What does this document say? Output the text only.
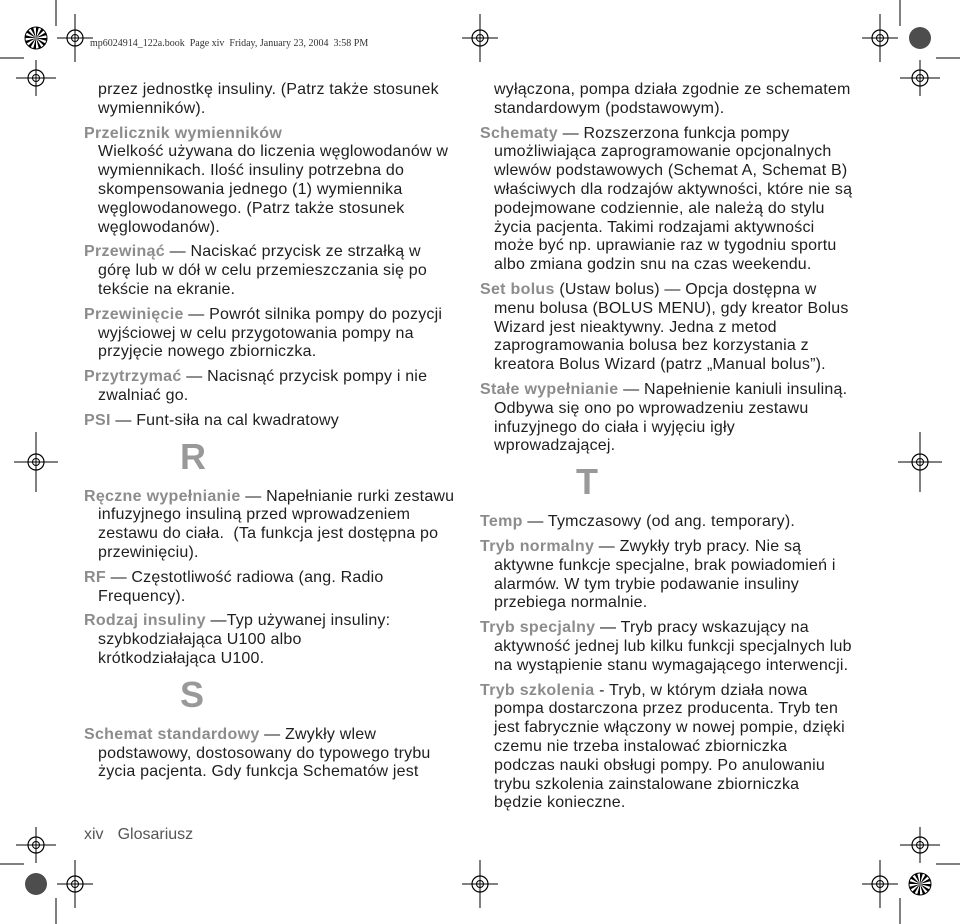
mp6024914_122a.book  Page xiv  Friday, January 23, 2004  3:58 PM

przez jednostkę insuliny. (Patrz także stosunek
wymienników).

Przelicznik wymienników
Wielkość używana do liczenia węglowodanów w
wymiennikach. Ilość insuliny potrzebna do
skompensowania jednego (1) wymiennika
węglowodanowego. (Patrz także stosunek
węglowodanów).

Przewinąć — Naciskać przycisk ze strzałką w
górę lub w dół w celu przemieszczania się po
tekście na ekranie.

Przewinięcie — Powrót silnika pompy do pozycji
wyjściowej w celu przygotowania pompy na
przyjęcie nowego zbiorniczka.

Przytrzymać — Nacisnąć przycisk pompy i nie
zwalniać go.

PSI — Funt-siła na cal kwadratowy

R

Ręczne wypełnianie — Napełnianie rurki zestawu
infuzyjnego insuliną przed wprowadzeniem
zestawu do ciała.  (Ta funkcja jest dostępna po
przewinięciu).

RF — Częstotliwość radiowa (ang. Radio
Frequency).

Rodzaj insuliny —Typ używanej insuliny:
szybkodziałająca U100 albo
krótkodziałająca U100.

S

Schemat standardowy — Zwykły wlew
podstawowy, dostosowany do typowego trybu
życia pacjenta. Gdy funkcja Schematów jest

wyłączona, pompa działa zgodnie ze schematem
standardowym (podstawowym).

Schematy — Rozszerzona funkcja pompy
umożliwiająca zaprogramowanie opcjonalnych
wlewów podstawowych (Schemat A, Schemat B)
właściwych dla rodzajów aktywności, które nie są
podejmowane codziennie, ale należą do stylu
życia pacjenta. Takimi rodzajami aktywności
może być np. uprawianie raz w tygodniu sportu
albo zmiana godzin snu na czas weekendu.

Set bolus (Ustaw bolus) — Opcja dostępna w
menu bolusa (BOLUS MENU), gdy kreator Bolus
Wizard jest nieaktywny. Jedna z metod
zaprogramowania bolusa bez korzystania z
kreatora Bolus Wizard (patrz „Manual bolus”).

Stałe wypełnianie — Napełnienie kaniuli insuliną.
Odbywa się ono po wprowadzeniu zestawu
infuzyjnego do ciała i wyjęciu igły
wprowadzającej.

T

Temp — Tymczasowy (od ang. temporary).

Tryb normalny — Zwykły tryb pracy. Nie są
aktywne funkcje specjalne, brak powiadomień i
alarmów. W tym trybie podawanie insuliny
przebiega normalnie.

Tryb specjalny — Tryb pracy wskazujący na
aktywność jednej lub kilku funkcji specjalnych lub
na wystąpienie stanu wymagającego interwencji.

Tryb szkolenia - Tryb, w którym działa nowa
pompa dostarczona przez producenta. Tryb ten
jest fabrycznie włączony w nowej pompie, dzięki
czemu nie trzeba instalować zbiorniczka
podczas nauki obsługi pompy. Po anulowaniu
trybu szkolenia zainstalowane zbiorniczka
będzie konieczne.

xiv Glosariusz
